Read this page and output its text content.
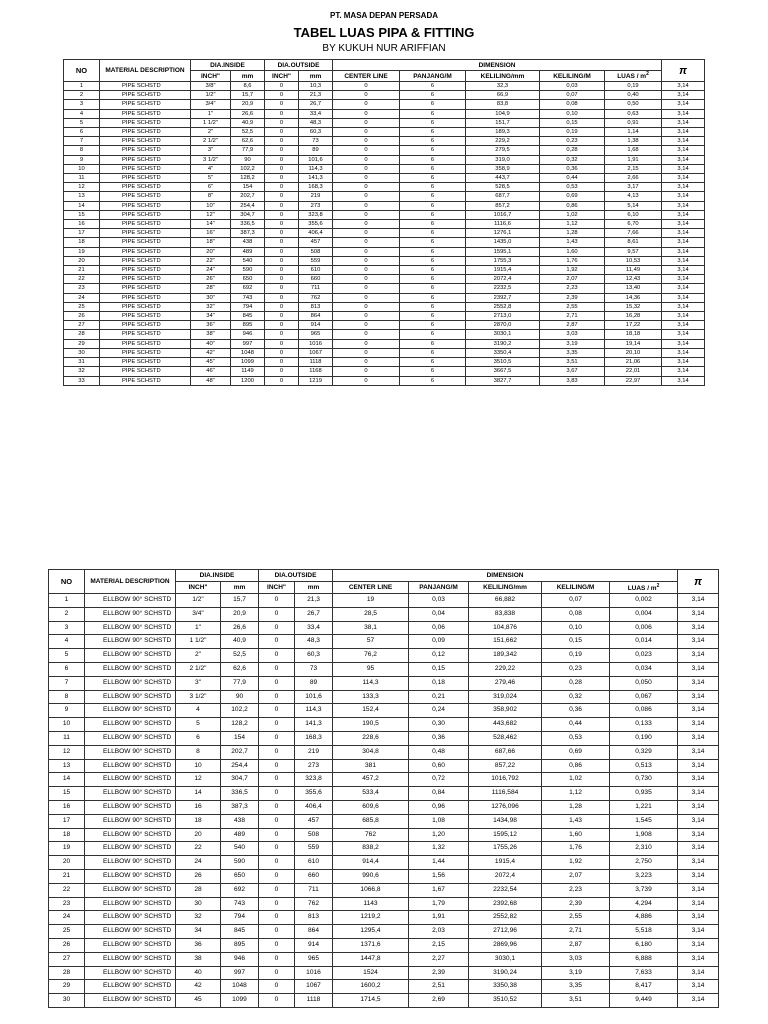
PT. MASA DEPAN PERSADA
TABEL LUAS PIPA & FITTING
BY KUKUH NUR ARIFFIAN
NO	MATERIAL DESCRIPTION	DIA.INSIDE		DIA.OUTSIDE		DIMENSION					π
		INCH"	mm	INCH"	mm	CENTER LINE	PANJANG/M	KELILING/mm	KELILING/M	LUAS / $m^2$
1	PIPE SCHSTD	3/8"	8,6	0	10,3	0	6	32,3	0,03	0,19	3,14
2	PIPE SCHSTD	1/2"	15,7	0	21,3	0	6	66,9	0,07	0,40	3,14
3	PIPE SCHSTD	3/4"	20,9	0	26,7	0	6	83,8	0,08	0,50	3,14
4	PIPE SCHSTD	1"	26,6	0	33,4	0	6	104,9	0,10	0,63	3,14
5	PIPE SCHSTD	1 1/2"	40,9	0	48,3	0	6	151,7	0,15	0,91	3,14
6	PIPE SCHSTD	2"	52,5	0	60,3	0	6	189,3	0,19	1,14	3,14
7	PIPE SCHSTD	2 1/2"	62,6	0	73	0	6	229,2	0,23	1,38	3,14
8	PIPE SCHSTD	3"	77,9	0	89	0	6	279,5	0,28	1,68	3,14
9	PIPE SCHSTD	3 1/2"	90	0	101,6	0	6	319,0	0,32	1,91	3,14
10	PIPE SCHSTD	4"	102,2	0	114,3	0	6	358,9	0,36	2,15	3,14
11	PIPE SCHSTD	5"	128,2	0	141,3	0	6	443,7	0,44	2,66	3,14
12	PIPE SCHSTD	6"	154	0	168,3	0	6	528,5	0,53	3,17	3,14
13	PIPE SCHSTD	8"	202,7	0	219	0	6	687,7	0,69	4,13	3,14
14	PIPE SCHSTD	10"	254,4	0	273	0	6	857,2	0,86	5,14	3,14
15	PIPE SCHSTD	12"	304,7	0	323,8	0	6	1016,7	1,02	6,10	3,14
16	PIPE SCHSTD	14"	336,5	0	355,6	0	6	1116,6	1,12	6,70	3,14
17	PIPE SCHSTD	16"	387,3	0	406,4	0	6	1276,1	1,28	7,66	3,14
18	PIPE SCHSTD	18"	438	0	457	0	6	1435,0	1,43	8,61	3,14
19	PIPE SCHSTD	20"	489	0	508	0	6	1595,1	1,60	9,57	3,14
20	PIPE SCHSTD	22"	540	0	559	0	6	1755,3	1,76	10,53	3,14
21	PIPE SCHSTD	24"	590	0	610	0	6	1915,4	1,92	11,49	3,14
22	PIPE SCHSTD	26"	650	0	660	0	6	2072,4	2,07	12,43	3,14
23	PIPE SCHSTD	28"	692	0	711	0	6	2232,5	2,23	13,40	3,14
24	PIPE SCHSTD	30"	743	0	762	0	6	2392,7	2,39	14,36	3,14
25	PIPE SCHSTD	32"	794	0	813	0	6	2552,8	2,55	15,32	3,14
26	PIPE SCHSTD	34"	845	0	864	0	6	2713,0	2,71	16,28	3,14
27	PIPE SCHSTD	36"	895	0	914	0	6	2870,0	2,87	17,22	3,14
28	PIPE SCHSTD	38"	946	0	965	0	6	3030,1	3,03	18,18	3,14
29	PIPE SCHSTD	40"	997	0	1016	0	6	3190,2	3,19	19,14	3,14
30	PIPE SCHSTD	42"	1048	0	1067	0	6	3350,4	3,35	20,10	3,14
31	PIPE SCHSTD	45"	1099	0	1118	0	6	3510,5	3,51	21,06	3,14
32	PIPE SCHSTD	46"	1149	0	1168	0	6	3667,5	3,67	22,01	3,14
33	PIPE SCHSTD	48"	1200	0	1219	0	6	3827,7	3,83	22,97	3,14
NO	MATERIAL DESCRIPTION	DIA.INSIDE		DIA.OUTSIDE		DIMENSION					π
		INCH"	mm	INCH"	mm	CENTER LINE	PANJANG/M	KELILING/mm	KELILING/M	LUAS / $m^2$
1	ELLBOW 90° SCHSTD	1/2"	15,7	0	21,3	19	0,03	66,882	0,07	0,002	3,14
2	ELLBOW 90° SCHSTD	3/4"	20,9	0	26,7	28,5	0,04	83,838	0,08	0,004	3,14
3	ELLBOW 90° SCHSTD	1"	26,6	0	33,4	38,1	0,06	104,876	0,10	0,006	3,14
4	ELLBOW 90° SCHSTD	1 1/2"	40,9	0	48,3	57	0,09	151,662	0,15	0,014	3,14
5	ELLBOW 90° SCHSTD	2"	52,5	0	60,3	76,2	0,12	189,342	0,19	0,023	3,14
6	ELLBOW 90° SCHSTD	2 1/2"	62,6	0	73	95	0,15	229,22	0,23	0,034	3,14
7	ELLBOW 90° SCHSTD	3"	77,9	0	89	114,3	0,18	279,46	0,28	0,050	3,14
8	ELLBOW 90° SCHSTD	3 1/2"	90	0	101,6	133,3	0,21	319,024	0,32	0,067	3,14
9	ELLBOW 90° SCHSTD	4	102,2	0	114,3	152,4	0,24	358,902	0,36	0,086	3,14
10	ELLBOW 90° SCHSTD	5	128,2	0	141,3	190,5	0,30	443,682	0,44	0,133	3,14
11	ELLBOW 90° SCHSTD	6	154	0	168,3	228,6	0,36	528,462	0,53	0,190	3,14
12	ELLBOW 90° SCHSTD	8	202,7	0	219	304,8	0,48	687,66	0,69	0,329	3,14
13	ELLBOW 90° SCHSTD	10	254,4	0	273	381	0,60	857,22	0,86	0,513	3,14
14	ELLBOW 90° SCHSTD	12	304,7	0	323,8	457,2	0,72	1016,792	1,02	0,730	3,14
15	ELLBOW 90° SCHSTD	14	336,5	0	355,6	533,4	0,84	1116,584	1,12	0,935	3,14
16	ELLBOW 90° SCHSTD	16	387,3	0	406,4	609,6	0,96	1276,096	1,28	1,221	3,14
17	ELLBOW 90° SCHSTD	18	438	0	457	685,8	1,08	1434,98	1,43	1,545	3,14
18	ELLBOW 90° SCHSTD	20	489	0	508	762	1,20	1595,12	1,60	1,908	3,14
19	ELLBOW 90° SCHSTD	22	540	0	559	838,2	1,32	1755,26	1,76	2,310	3,14
20	ELLBOW 90° SCHSTD	24	590	0	610	914,4	1,44	1915,4	1,92	2,750	3,14
21	ELLBOW 90° SCHSTD	26	650	0	660	990,6	1,56	2072,4	2,07	3,223	3,14
22	ELLBOW 90° SCHSTD	28	692	0	711	1066,8	1,67	2232,54	2,23	3,739	3,14
23	ELLBOW 90° SCHSTD	30	743	0	762	1143	1,79	2392,68	2,39	4,294	3,14
24	ELLBOW 90° SCHSTD	32	794	0	813	1219,2	1,91	2552,82	2,55	4,886	3,14
25	ELLBOW 90° SCHSTD	34	845	0	864	1295,4	2,03	2712,96	2,71	5,518	3,14
26	ELLBOW 90° SCHSTD	36	895	0	914	1371,6	2,15	2869,96	2,87	6,180	3,14
27	ELLBOW 90° SCHSTD	38	946	0	965	1447,8	2,27	3030,1	3,03	6,888	3,14
28	ELLBOW 90° SCHSTD	40	997	0	1016	1524	2,39	3190,24	3,19	7,633	3,14
29	ELLBOW 90° SCHSTD	42	1048	0	1067	1600,2	2,51	3350,38	3,35	8,417	3,14
30	ELLBOW 90° SCHSTD	45	1099	0	1118	1714,5	2,69	3510,52	3,51	9,449	3,14
